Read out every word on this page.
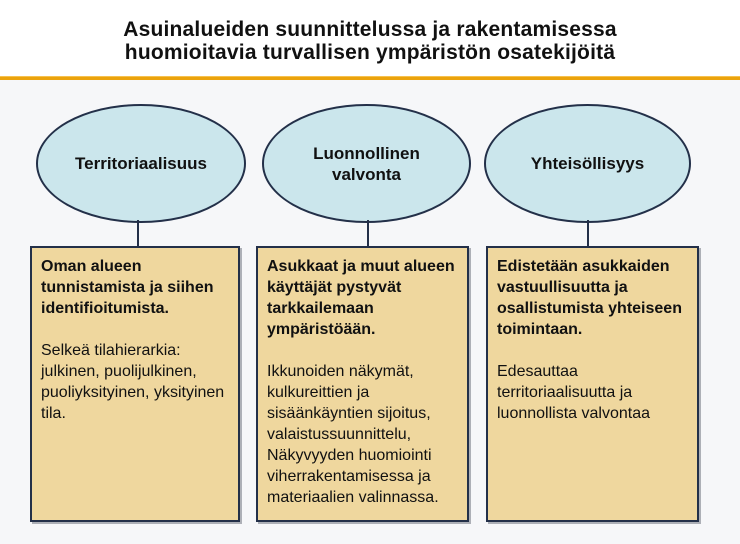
Asuinalueiden suunnittelussa ja rakentamisessa
huomioitavia turvallisen ympäristön osatekijöitä
Territoriaalisuus

Oman alueen tunnistamista ja siihen identifioitumista.

Selkeä tilahierarkia: julkinen, puolijulkinen, puoliyksityinen, yksityinen tila.

Luonnollinen valvonta

Asukkaat ja muut alueen käyttäjät pystyvät tarkkailemaan ympäristöään.

Ikkunoiden näkymät, kulkureittien ja sisäänkäyntien sijoitus, valaistussuunnittelu, Näkyvyyden huomiointi viherrakentamisessa ja materiaalien valinnassa.

Yhteisöllisyys

Edistetään asukkaiden vastuullisuutta ja osallistumista yhteiseen toimintaan.

Edesauttaa territoriaalisuutta ja luonnollista valvontaa
